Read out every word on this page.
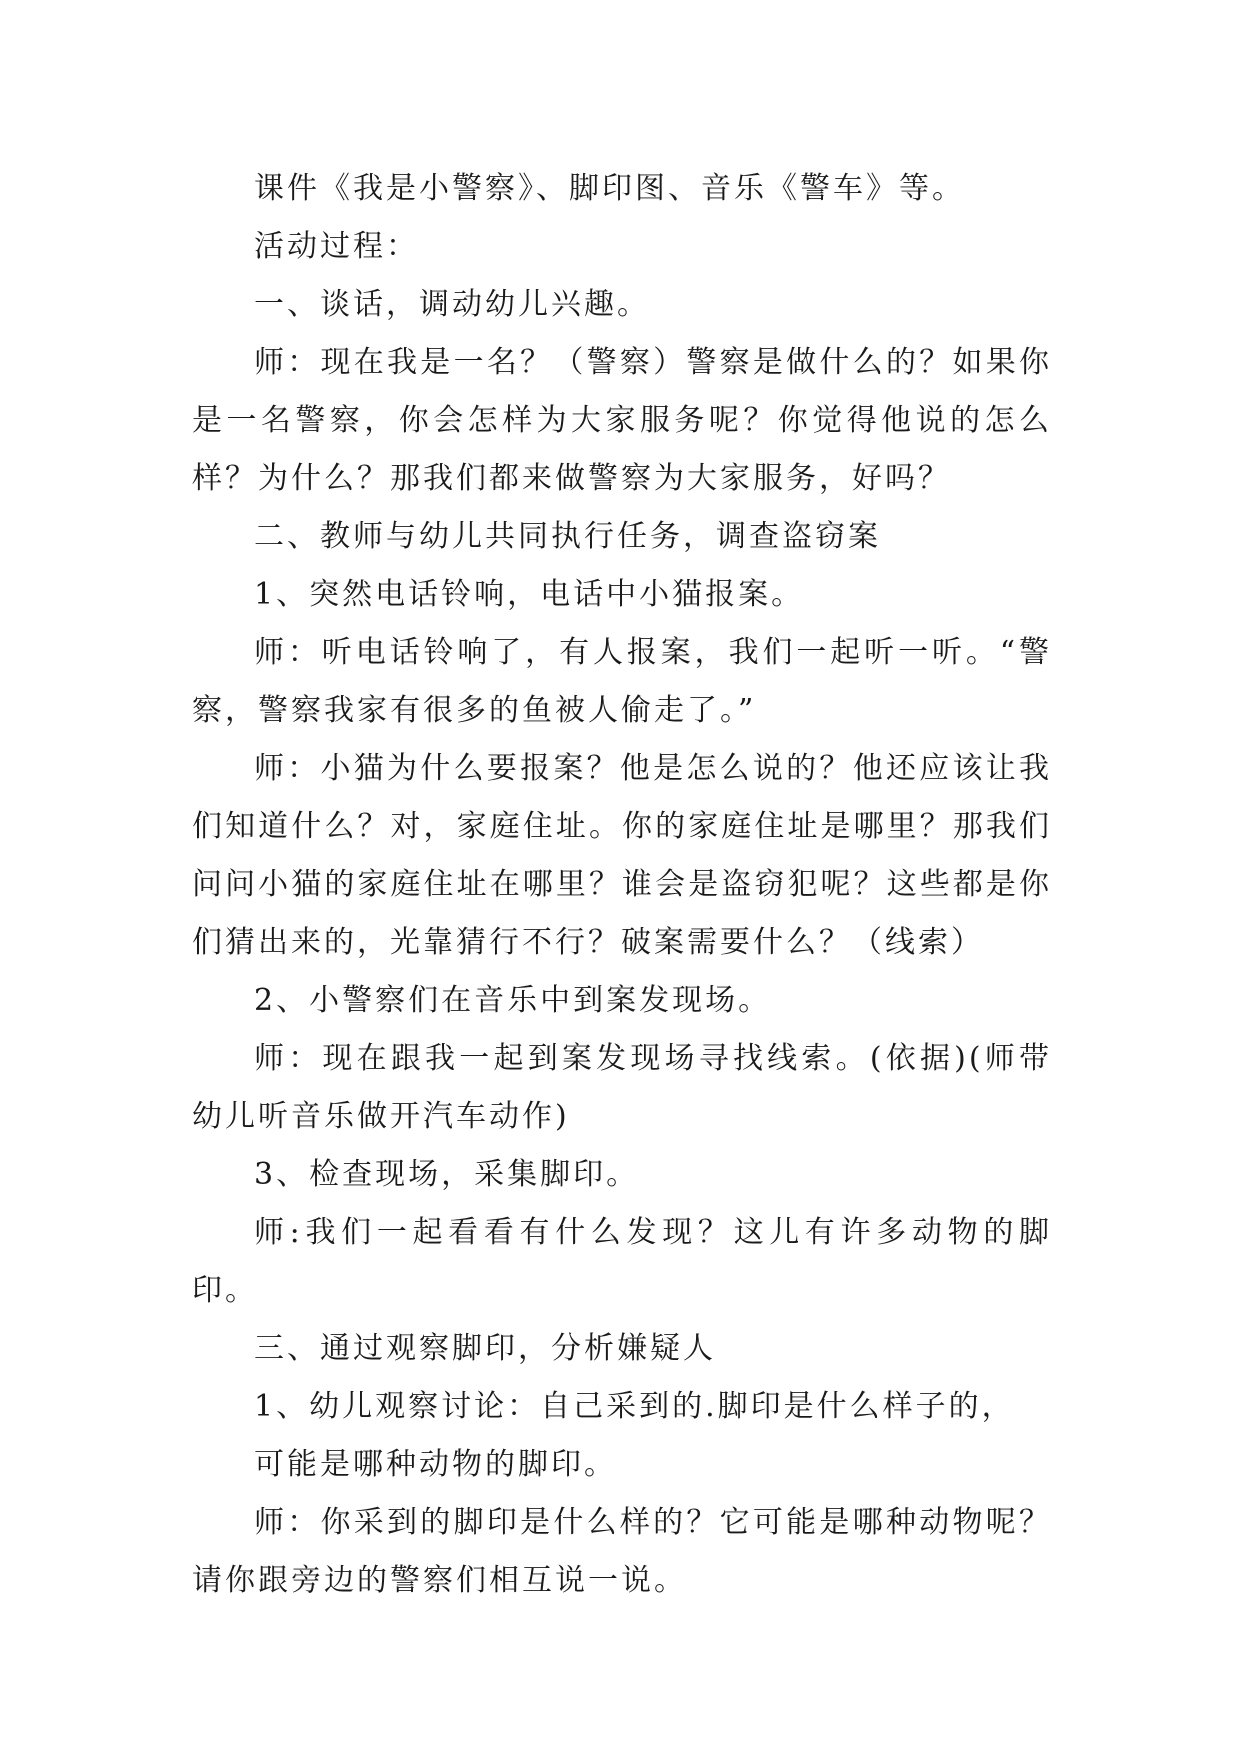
课件《我是小警察》、脚印图、音乐《警车》等。

活动过程：

一、谈话，调动幼儿兴趣。

师：现在我是一名？（警察）警察是做什么的？如果你是一名警察，你会怎样为大家服务呢？你觉得他说的怎么样？为什么？那我们都来做警察为大家服务，好吗？

二、教师与幼儿共同执行任务，调查盗窃案

1、突然电话铃响，电话中小猫报案。

师：听电话铃响了，有人报案，我们一起听一听。“警察，警察我家有很多的鱼被人偷走了。”

师：小猫为什么要报案？他是怎么说的？他还应该让我们知道什么？对，家庭住址。你的家庭住址是哪里？那我们问问小猫的家庭住址在哪里？谁会是盗窃犯呢？这些都是你们猜出来的，光靠猜行不行？破案需要什么？（线索）

2、小警察们在音乐中到案发现场。

师：现在跟我一起到案发现场寻找线索。(依据)(师带幼儿听音乐做开汽车动作)

3、检查现场，采集脚印。

师:我们一起看看有什么发现？这儿有许多动物的脚印。

三、通过观察脚印，分析嫌疑人

1、幼儿观察讨论：自己采到的.脚印是什么样子的，

可能是哪种动物的脚印。

师：你采到的脚印是什么样的？它可能是哪种动物呢？请你跟旁边的警察们相互说一说。
